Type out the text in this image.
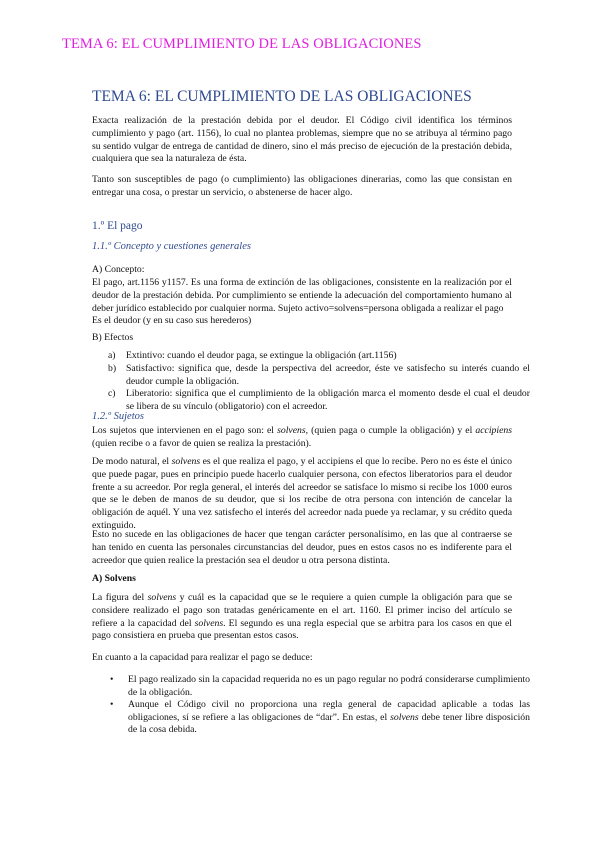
TEMA 6: EL CUMPLIMIENTO DE LAS OBLIGACIONES
TEMA 6: EL CUMPLIMIENTO DE LAS OBLIGACIONES
Exacta realización de la prestación debida por el deudor. El Código civil identifica los términos cumplimiento y pago (art. 1156), lo cual no plantea problemas, siempre que no se atribuya al término pago su sentido vulgar de entrega de cantidad de dinero, sino el más preciso de ejecución de la prestación debida, cualquiera que sea la naturaleza de ésta.
Tanto son susceptibles de pago (o cumplimiento) las obligaciones dinerarias, como las que consistan en entregar una cosa, o prestar un servicio, o abstenerse de hacer algo.
1.º El pago
1.1.º Concepto y cuestiones generales
A) Concepto:
El pago, art.1156 y1157. Es una forma de extinción de las obligaciones, consistente en la realización por el deudor de la prestación debida. Por cumplimiento se entiende la adecuación del comportamiento humano al deber jurídico establecido por cualquier norma. Sujeto activo=solvens=persona obligada a realizar el pago
Es el deudor (y en su caso sus herederos)
B) Efectos
a) Extintivo: cuando el deudor paga, se extingue la obligación (art.1156)
b) Satisfactivo: significa que, desde la perspectiva del acreedor, éste ve satisfecho su interés cuando el deudor cumple la obligación.
c) Liberatorio: significa que el cumplimiento de la obligación marca el momento desde el cual el deudor se libera de su vínculo (obligatorio) con el acreedor.
1.2.º Sujetos
Los sujetos que intervienen en el pago son: el solvens, (quien paga o cumple la obligación) y el accipiens (quien recibe o a favor de quien se realiza la prestación).
De modo natural, el solvens es el que realiza el pago, y el accipiens el que lo recibe. Pero no es éste el único que puede pagar, pues en principio puede hacerlo cualquier persona, con efectos liberatorios para el deudor frente a su acreedor. Por regla general, el interés del acreedor se satisface lo mismo si recibe los 1000 euros que se le deben de manos de su deudor, que si los recibe de otra persona con intención de cancelar la obligación de aquél. Y una vez satisfecho el interés del acreedor nada puede ya reclamar, y su crédito queda extinguido.
Esto no sucede en las obligaciones de hacer que tengan carácter personalísimo, en las que al contraerse se han tenido en cuenta las personales circunstancias del deudor, pues en estos casos no es indiferente para el acreedor que quien realice la prestación sea el deudor u otra persona distinta.
A) Solvens
La figura del solvens y cuál es la capacidad que se le requiere a quien cumple la obligación para que se considere realizado el pago son tratadas genéricamente en el art. 1160. El primer inciso del artículo se refiere a la capacidad del solvens. El segundo es una regla especial que se arbitra para los casos en que el pago consistiera en prueba que presentan estos casos.
En cuanto a la capacidad para realizar el pago se deduce:
• El pago realizado sin la capacidad requerida no es un pago regular no podrá considerarse cumplimiento de la obligación.
• Aunque el Código civil no proporciona una regla general de capacidad aplicable a todas las obligaciones, sí se refiere a las obligaciones de “dar”. En estas, el solvens debe tener libre disposición de la cosa debida.
